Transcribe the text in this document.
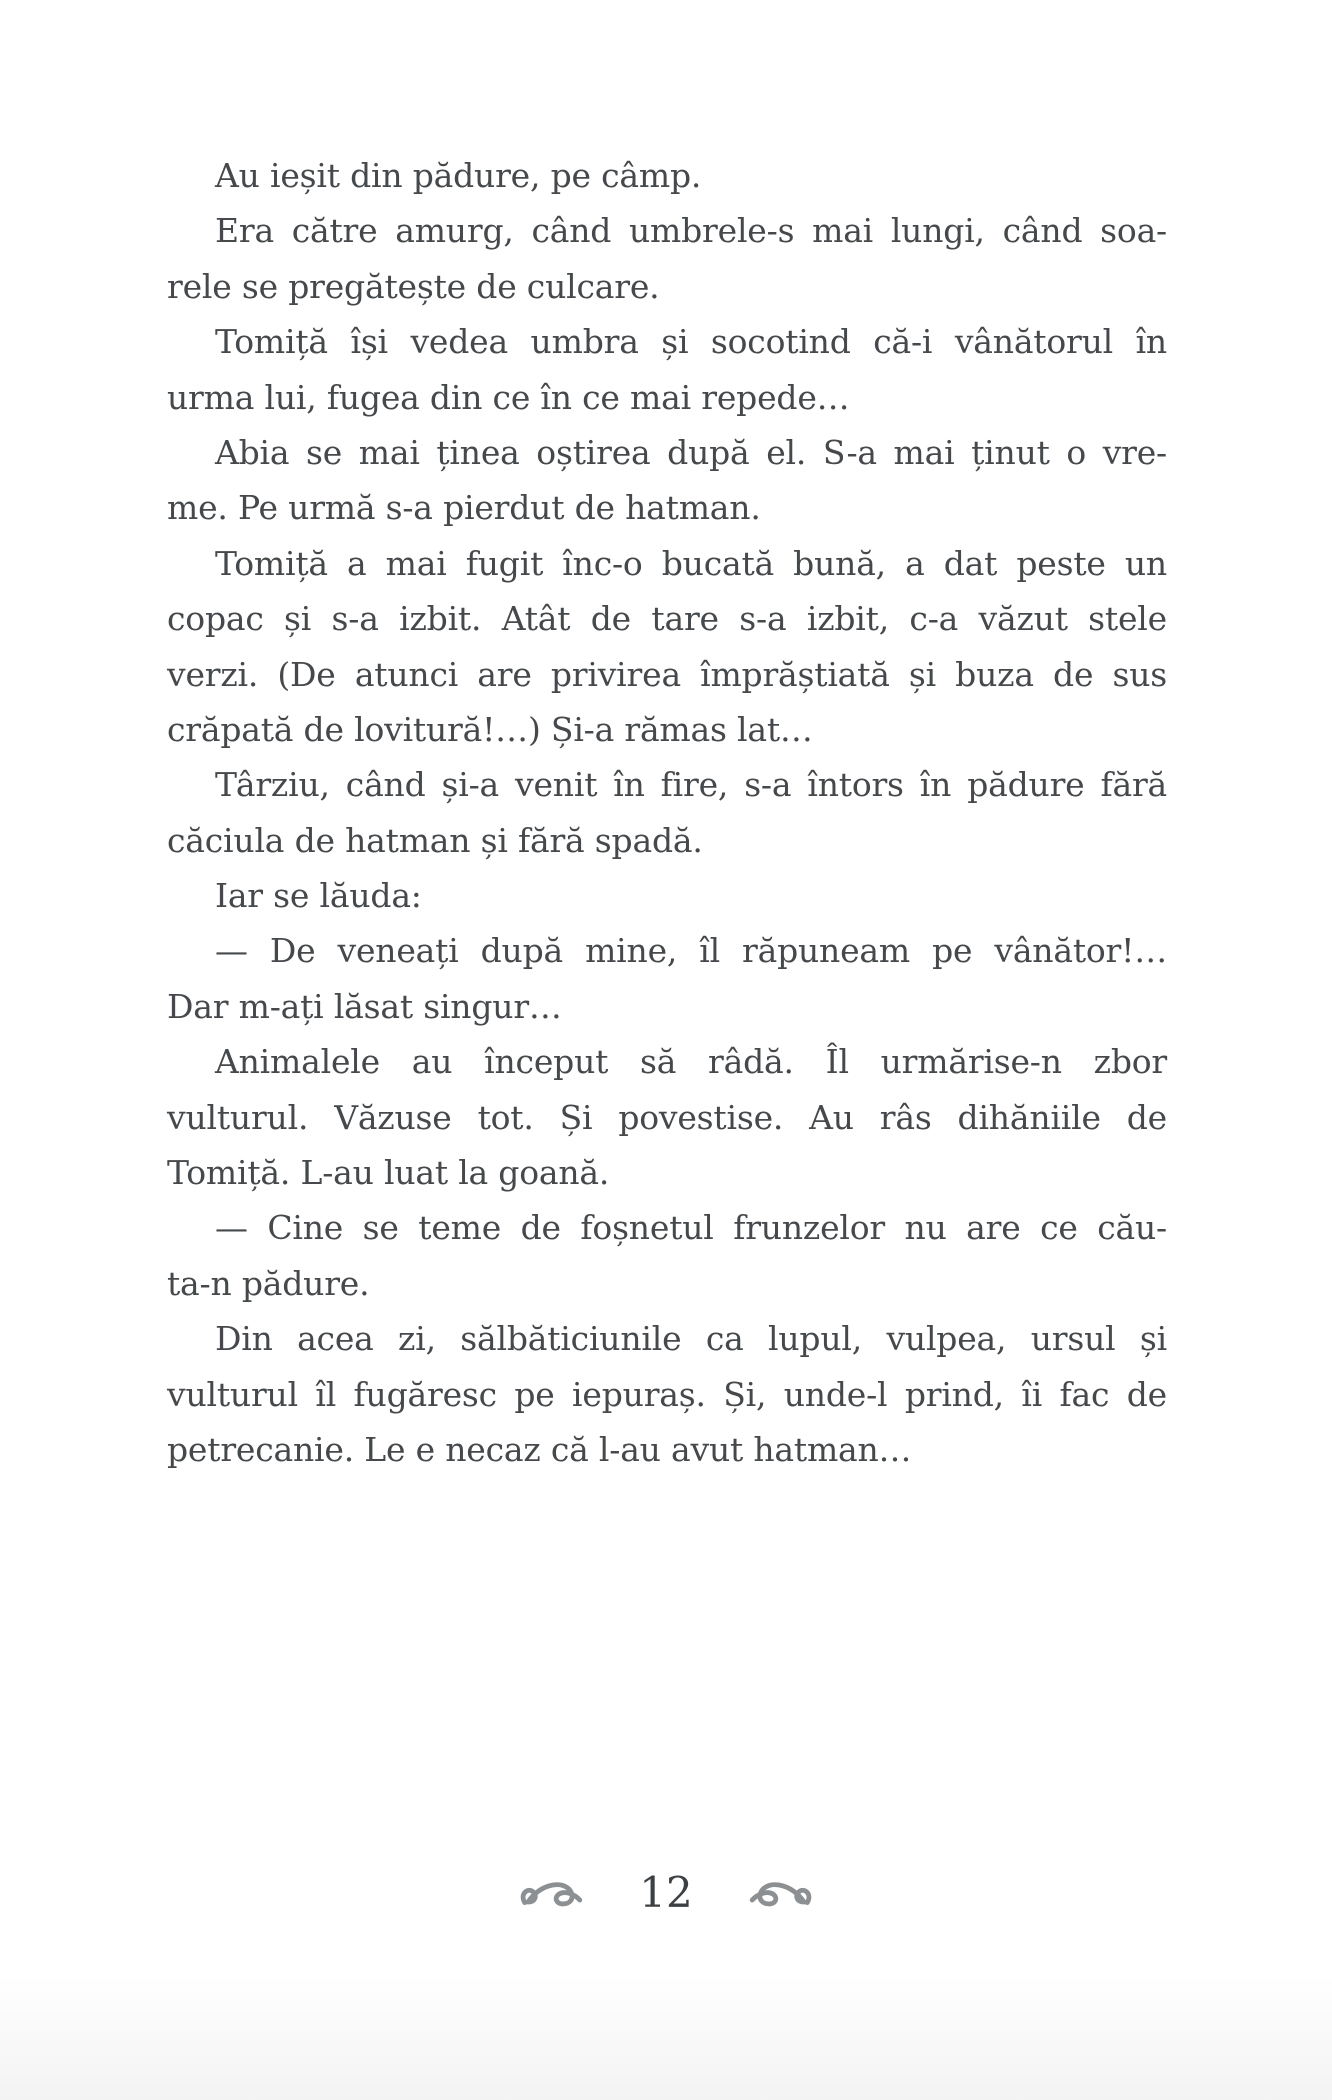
Au ieșit din pădure, pe câmp.
Era către amurg, când umbrele-s mai lungi, când soa-
rele se pregătește de culcare.
Tomiță își vedea umbra și socotind că-i vânătorul în
urma lui, fugea din ce în ce mai repede…
Abia se mai ținea oștirea după el. S-a mai ținut o vre-
me. Pe urmă s-a pierdut de hatman.
Tomiță a mai fugit înc-o bucată bună, a dat peste un
copac și s-a izbit. Atât de tare s-a izbit, c-a văzut stele
verzi. (De atunci are privirea împrăștiată și buza de sus
crăpată de lovitură!…) Și-a rămas lat…
Târziu, când și-a venit în fire, s-a întors în pădure fără
căciula de hatman și fără spadă.
Iar se lăuda:
— De veneați după mine, îl răpuneam pe vânător!…
Dar m-ați lăsat singur…
Animalele au început să râdă. Îl urmărise-n zbor
vulturul. Văzuse tot. Și povestise. Au râs dihăniile de
Tomiță. L-au luat la goană.
— Cine se teme de foșnetul frunzelor nu are ce cău-
ta-n pădure.
Din acea zi, sălbăticiunile ca lupul, vulpea, ursul și
vulturul îl fugăresc pe iepuraș. Și, unde-l prind, îi fac de
petrecanie. Le e necaz că l-au avut hatman…
12
